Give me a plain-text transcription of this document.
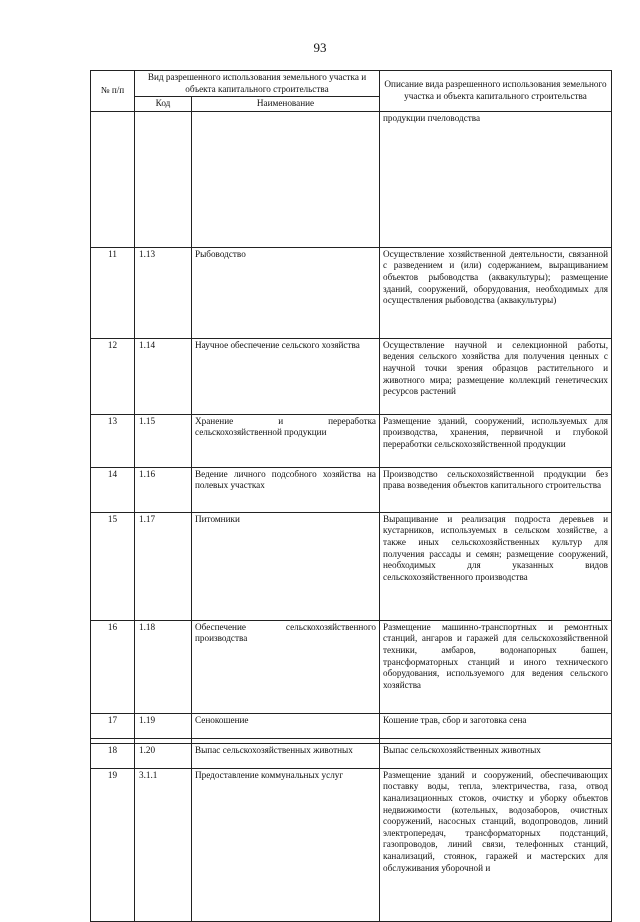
93
№ п/п	Вид разрешенного использования земельного участка и объекта капитального строительства		Описание вида разрешенного использования земельного участка и объекта капитального строительства
	Код	Наименование	
			продукции пчеловодства
11	1.13	Рыбоводство	Осуществление хозяйственной деятельности, связанной с разведением и (или) содержанием, выращиванием объектов рыбоводства (аквакультуры); размещение зданий, сооружений, оборудования, необходимых для осуществления рыбоводства (аквакультуры)
12	1.14	Научное обеспечение сельского хозяйства	Осуществление научной и селекционной работы, ведения сельского хозяйства для получения ценных с научной точки зрения образцов растительного и животного мира; размещение коллекций генетических ресурсов растений
13	1.15	Хранение и переработка сельскохозяйственной продукции	Размещение зданий, сооружений, используемых для производства, хранения, первичной и глубокой переработки сельскохозяйственной продукции
14	1.16	Ведение личного подсобного хозяйства на полевых участках	Производство сельскохозяйственной продукции без права возведения объектов капитального строительства
15	1.17	Питомники	Выращивание и реализация подроста деревьев и кустарников, используемых в сельском хозяйстве, а также иных сельскохозяйственных культур для получения рассады и семян; размещение сооружений, необходимых для указанных видов сельскохозяйственного производства
16	1.18	Обеспечение сельскохозяйственного производства	Размещение машинно-транспортных и ремонтных станций, ангаров и гаражей для сельскохозяйственной техники, амбаров, водонапорных башен, трансформаторных станций и иного технического оборудования, используемого для ведения сельского хозяйства
17	1.19	Сенокошение	Кошение трав, сбор и заготовка сена

18	1.20	Выпас сельскохозяйственных животных	Выпас сельскохозяйственных животных
19	3.1.1	Предоставление коммунальных услуг	Размещение зданий и сооружений, обеспечивающих поставку воды, тепла, электричества, газа, отвод канализационных стоков, очистку и уборку объектов недвижимости (котельных, водозаборов, очистных сооружений, насосных станций, водопроводов, линий электропередач, трансформаторных подстанций, газопроводов, линий связи, телефонных станций, канализаций, стоянок, гаражей и мастерских для обслуживания уборочной и
